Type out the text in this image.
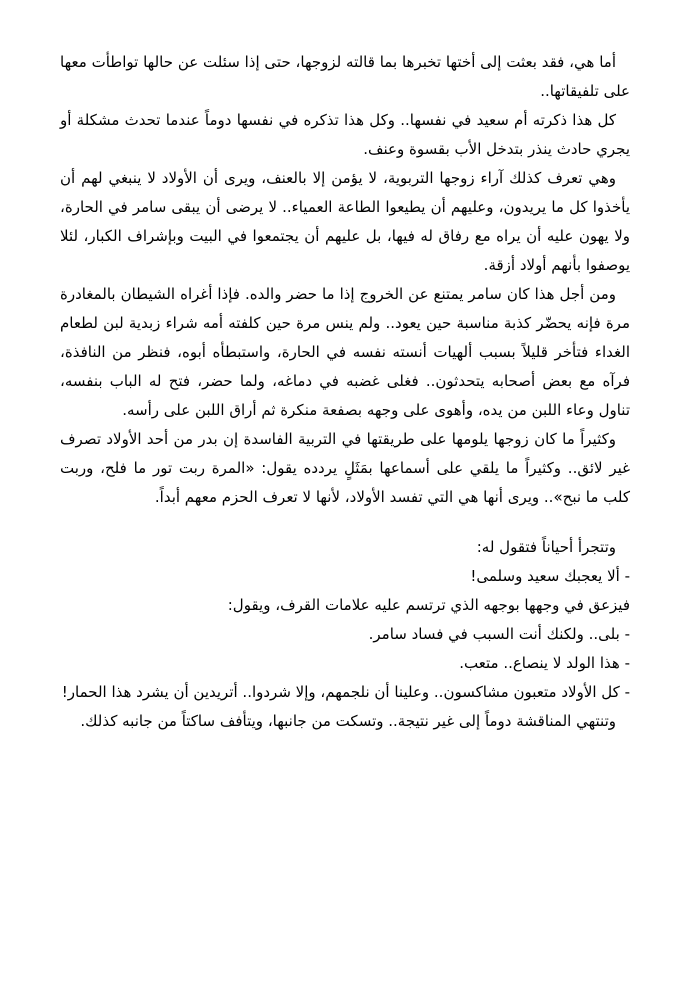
أما هي، فقد بعثت إلى أختها تخبرها بما قالته لزوجها، حتى إذا سئلت عن حالها تواطأت معها على تلفيقاتها..

كل هذا ذكرته أم سعيد في نفسها.. وكل هذا تذكره في نفسها دوماً عندما تحدث مشكلة أو يجري حادث ينذر بتدخل الأب بقسوة وعنف.

وهي تعرف كذلك آراء زوجها التربوية، لا يؤمن إلا بالعنف، ويرى أن الأولاد لا ينبغي لهم أن يأخذوا كل ما يريدون، وعليهم أن يطيعوا الطاعة العمياء.. لا يرضى أن يبقى سامر في الحارة، ولا يهون عليه أن يراه مع رفاق له فيها، بل عليهم أن يجتمعوا في البيت وبإشراف الكبار، لئلا يوصفوا بأنهم أولاد أزقة.

ومن أجل هذا كان سامر يمتنع عن الخروج إذا ما حضر والده. فإذا أغراه الشيطان بالمغادرة مرة فإنه يحضّر كذبة مناسبة حين يعود.. ولم ينس مرة حين كلفته أمه شراء زبدية لبن لطعام الغداء فتأخر قليلاً بسبب ألهيات أنسته نفسه في الحارة، واستبطأه أبوه، فنظر من النافذة، فرآه مع بعض أصحابه يتحدثون.. فغلى غضبه في دماغه، ولما حضر، فتح له الباب بنفسه، تناول وعاء اللبن من يده، وأهوى على وجهه بصفعة منكرة ثم أراق اللبن على رأسه.

وكثيراً ما كان زوجها يلومها على طريقتها في التربية الفاسدة إن بدر من أحد الأولاد تصرف غير لائق.. وكثيراً ما يلقي على أسماعها بمَثَلٍ يردده يقول: «المرة ربت تور ما فلح، وربت كلب ما نبح».. ويرى أنها هي التي تفسد الأولاد، لأنها لا تعرف الحزم معهم أبداً.

وتتجرأ أحياناً فتقول له:

- ألا يعجبك سعيد وسلمى!

فيزعق في وجهها بوجهه الذي ترتسم عليه علامات القرف، ويقول:

- بلى.. ولكنك أنت السبب في فساد سامر.

- هذا الولد لا ينصاع.. متعب.

- كل الأولاد متعبون مشاكسون.. وعلينا أن نلجمهم، وإلا شردوا.. أتريدين أن يشرد هذا الحمار!

وتنتهي المناقشة دوماً إلى غير نتيجة.. وتسكت من جانبها، ويتأفف ساكتاً من جانبه كذلك.
